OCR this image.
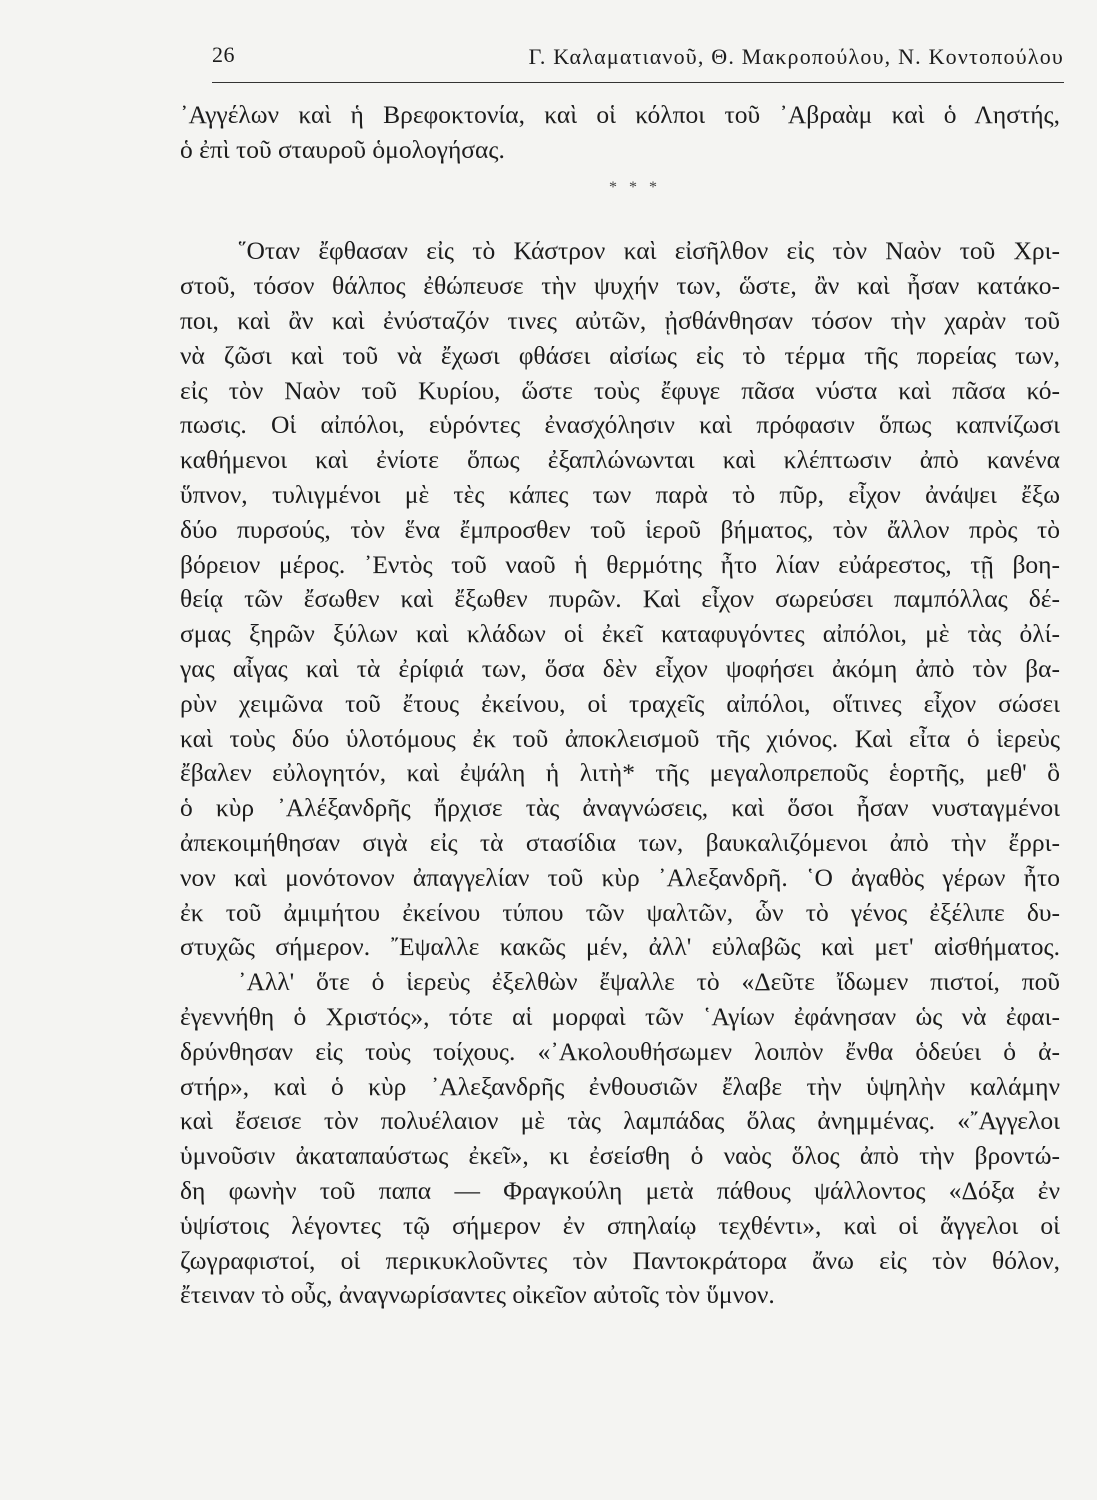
26	Γ. Καλαματιανοῦ, Θ. Μακροπούλου, Ν. Κοντοπούλου
᾿Αγγέλων καὶ ἡ Βρεφοκτονία, καὶ οἱ κόλποι τοῦ ᾿Αβραὰμ καὶ ὁ Ληστής,
ὁ ἐπὶ τοῦ σταυροῦ ὁμολογήσας.
* * *
῞Οταν ἔφθασαν εἰς τὸ Κάστρον καὶ εἰσῆλθον εἰς τὸν Ναὸν τοῦ Χρι-
στοῦ, τόσον θάλπος ἐθώπευσε τὴν ψυχήν των, ὥστε, ἂν καὶ ἦσαν κατάκο-
ποι, καὶ ἂν καὶ ἐνύσταζόν τινες αὐτῶν, ᾐσθάνθησαν τόσον τὴν χαρὰν τοῦ
νὰ ζῶσι καὶ τοῦ νὰ ἔχωσι φθάσει αἰσίως εἰς τὸ τέρμα τῆς πορείας των,
εἰς τὸν Ναὸν τοῦ Κυρίου, ὥστε τοὺς ἔφυγε πᾶσα νύστα καὶ πᾶσα κό-
πωσις. Οἱ αἰπόλοι, εὑρόντες ἐνασχόλησιν καὶ πρόφασιν ὅπως καπνίζωσι
καθήμενοι καὶ ἐνίοτε ὅπως ἐξαπλώνωνται καὶ κλέπτωσιν ἀπὸ κανένα
ὕπνον, τυλιγμένοι μὲ τὲς κάπες των παρὰ τὸ πῦρ, εἶχον ἀνάψει ἔξω
δύο πυρσούς, τὸν ἕνα ἔμπροσθεν τοῦ ἱεροῦ βήματος, τὸν ἄλλον πρὸς τὸ
βόρειον μέρος. ᾿Εντὸς τοῦ ναοῦ ἡ θερμότης ἦτο λίαν εὐάρεστος, τῇ βοη-
θείᾳ τῶν ἔσωθεν καὶ ἔξωθεν πυρῶν. Καὶ εἶχον σωρεύσει παμπόλλας δέ-
σμας ξηρῶν ξύλων καὶ κλάδων οἱ ἐκεῖ καταφυγόντες αἰπόλοι, μὲ τὰς ὀλί-
γας αἶγας καὶ τὰ ἐρίφιά των, ὅσα δὲν εἶχον ψοφήσει ἀκόμη ἀπὸ τὸν βα-
ρὺν χειμῶνα τοῦ ἔτους ἐκείνου, οἱ τραχεῖς αἰπόλοι, οἵτινες εἶχον σώσει
καὶ τοὺς δύο ὑλοτόμους ἐκ τοῦ ἀποκλεισμοῦ τῆς χιόνος. Καὶ εἶτα ὁ ἱερεὺς
ἔβαλεν εὐλογητόν, καὶ ἐψάλη ἡ λιτὴ* τῆς μεγαλοπρεποῦς ἑορτῆς, μεθ' ὃ
ὁ κὺρ ᾿Αλέξανδρῆς ἤρχισε τὰς ἀναγνώσεις, καὶ ὅσοι ἦσαν νυσταγμένοι
ἀπεκοιμήθησαν σιγὰ εἰς τὰ στασίδια των, βαυκαλιζόμενοι ἀπὸ τὴν ἔρρι-
νον καὶ μονότονον ἀπαγγελίαν τοῦ κὺρ ᾿Αλεξανδρῆ. ῾Ο ἀγαθὸς γέρων ἦτο
ἐκ τοῦ ἀμιμήτου ἐκείνου τύπου τῶν ψαλτῶν, ὧν τὸ γένος ἐξέλιπε δυ-
στυχῶς σήμερον. ῎Εψαλλε κακῶς μέν, ἀλλ' εὐλαβῶς καὶ μετ' αἰσθήματος.
᾿Αλλ' ὅτε ὁ ἱερεὺς ἐξελθὼν ἔψαλλε τὸ «Δεῦτε ἴδωμεν πιστοί, ποῦ
ἐγεννήθη ὁ Χριστός», τότε αἱ μορφαὶ τῶν ῾Αγίων ἐφάνησαν ὡς νὰ ἐφαι-
δρύνθησαν εἰς τοὺς τοίχους. «᾿Ακολουθήσωμεν λοιπὸν ἔνθα ὁδεύει ὁ ἀ-
στήρ», καὶ ὁ κὺρ ᾿Αλεξανδρῆς ἐνθουσιῶν ἔλαβε τὴν ὑψηλὴν καλάμην
καὶ ἔσεισε τὸν πολυέλαιον μὲ τὰς λαμπάδας ὅλας ἀνημμένας. «῎Αγγελοι
ὑμνοῦσιν ἀκαταπαύστως ἐκεῖ», κι ἐσείσθη ὁ ναὸς ὅλος ἀπὸ τὴν βροντώ-
δη φωνὴν τοῦ παπα — Φραγκούλη μετὰ πάθους ψάλλοντος «Δόξα ἐν
ὑψίστοις λέγοντες τῷ σήμερον ἐν σπηλαίῳ τεχθέντι», καὶ οἱ ἄγγελοι οἱ
ζωγραφιστοί, οἱ περικυκλοῦντες τὸν Παντοκράτορα ἄνω εἰς τὸν θόλον,
ἔτειναν τὸ οὖς, ἀναγνωρίσαντες οἰκεῖον αὐτοῖς τὸν ὕμνον.
